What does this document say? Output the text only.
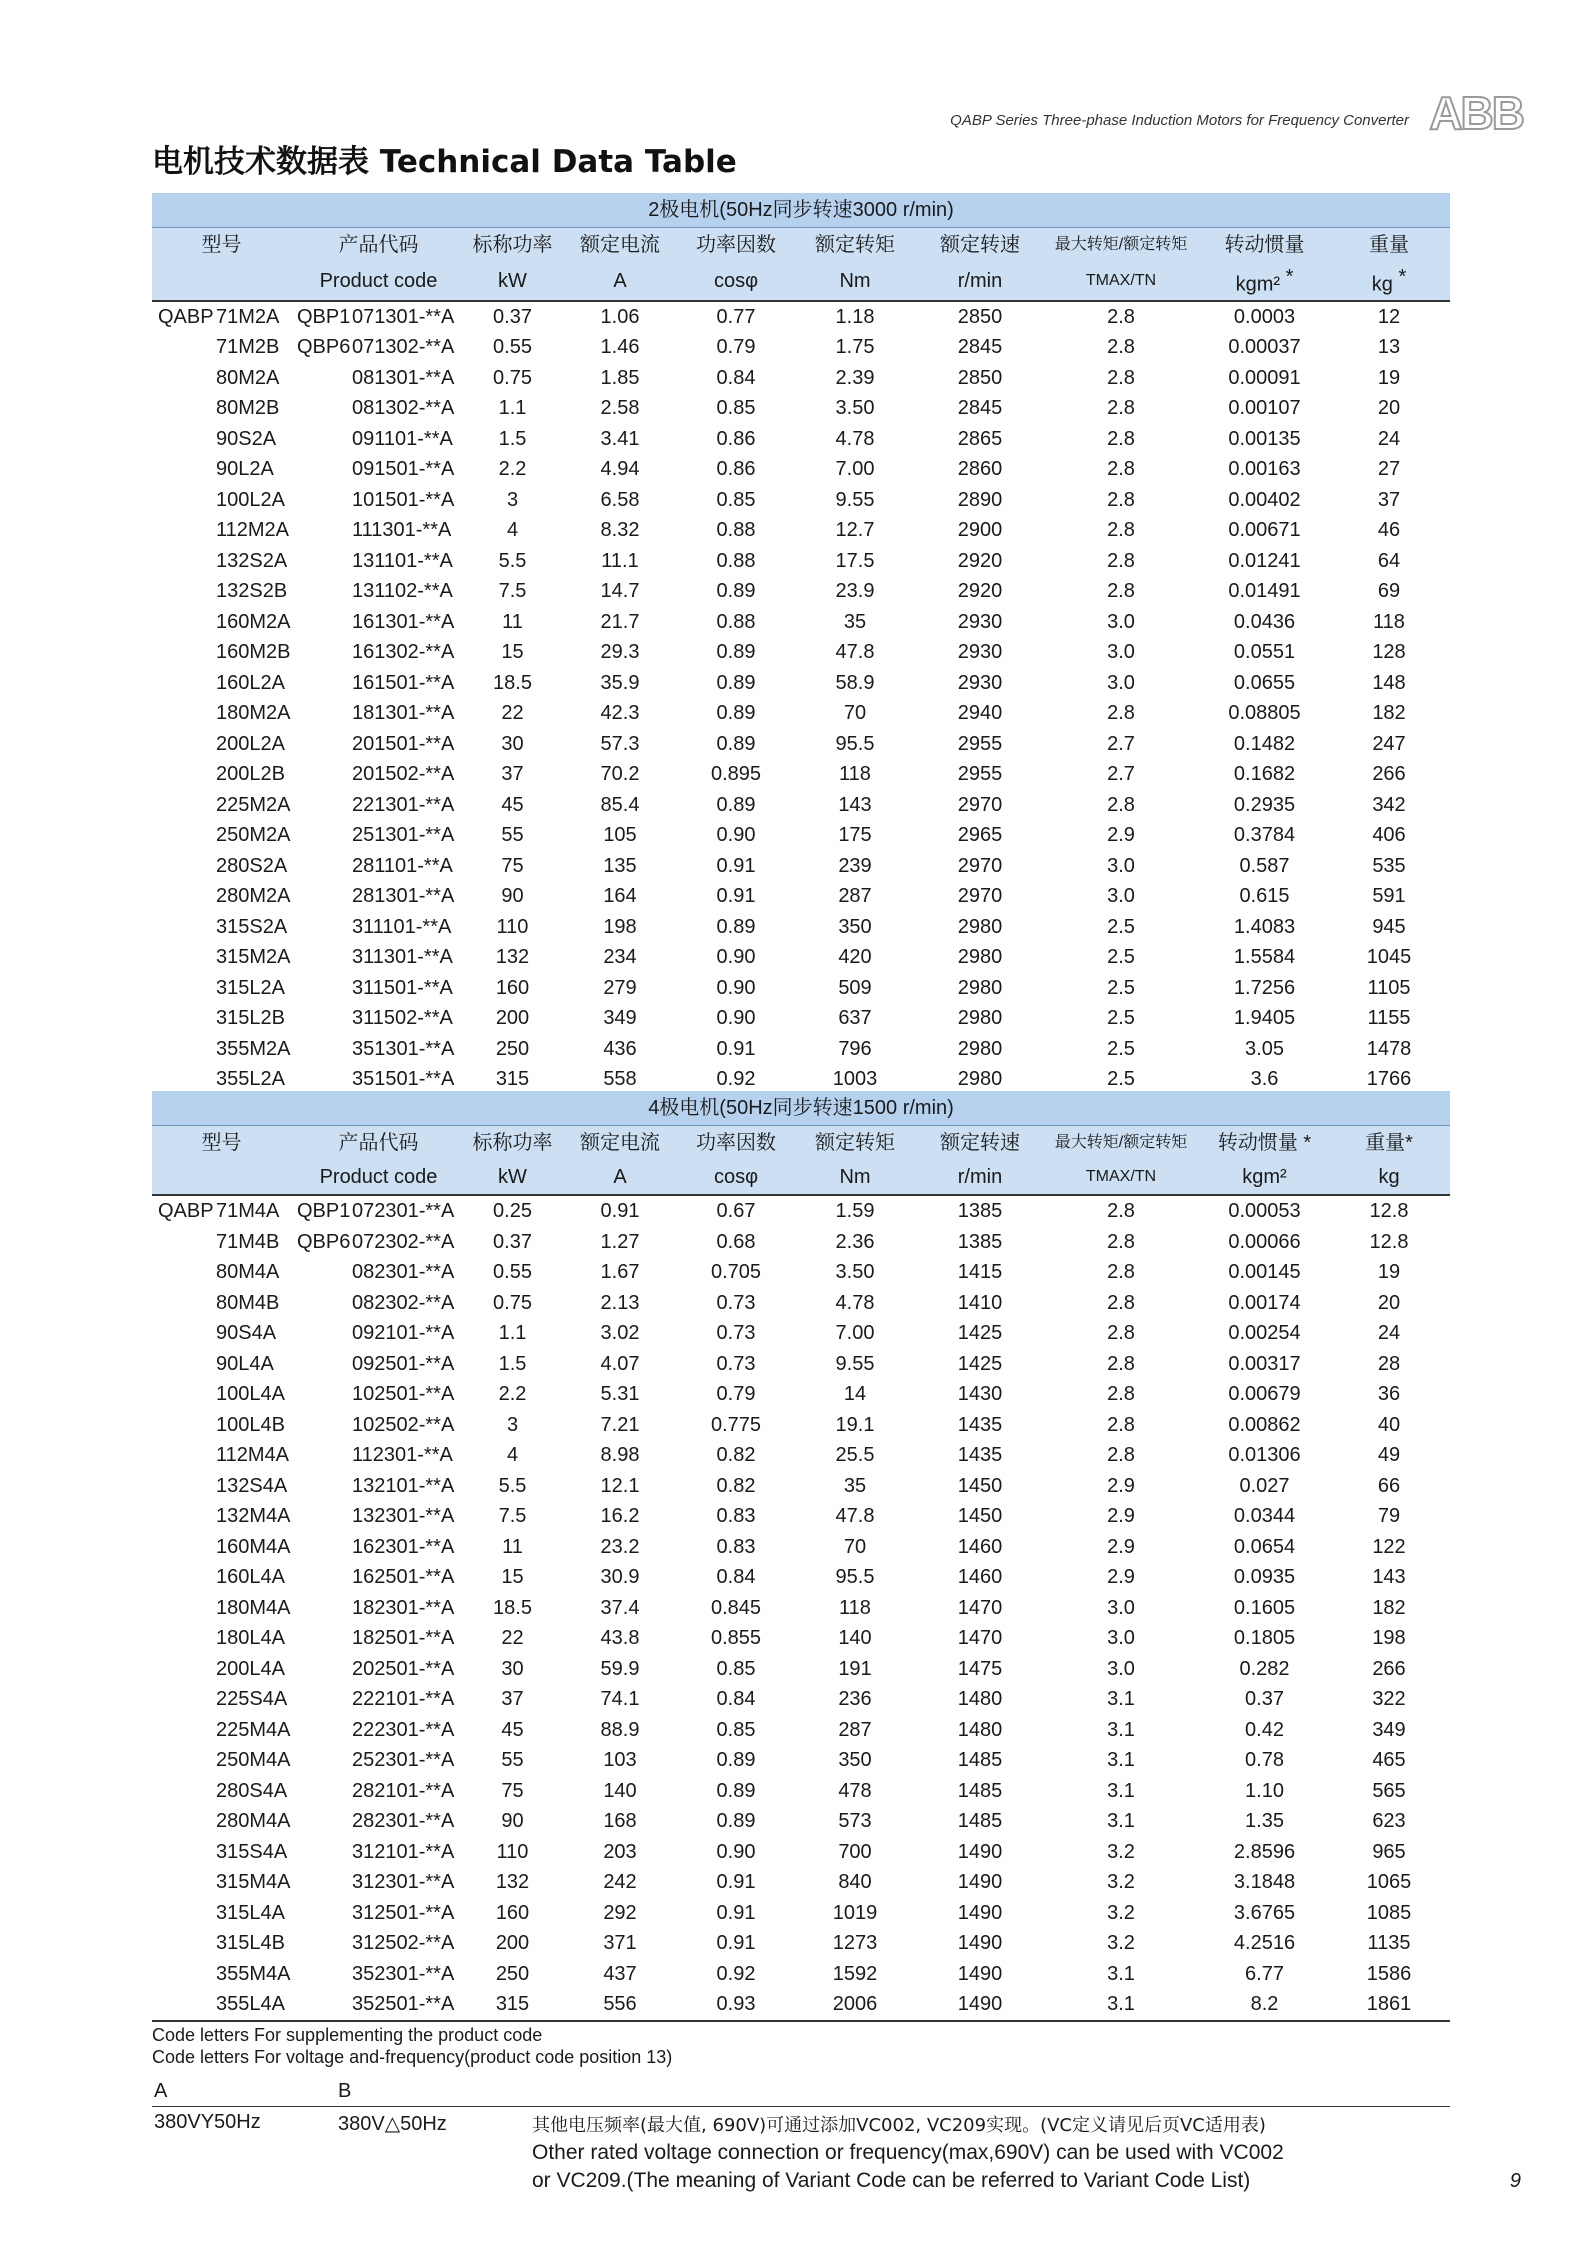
QABP Series Three-phase Induction Motors for Frequency Converter ABB
电机技术数据表 Technical Data Table
2极电机(50Hz同步转速3000 r/min)											
型号		产品代码		标称功率	额定电流	功率因数	额定转矩	额定转速	最大转矩/额定转矩	转动惯量	重量
		Product code		kW	A	cosφ	Nm	r/min	TMAX/TN	kgm² *	kg *
QABP	71M2A	QBP1	071301-**A	0.37	1.06	0.77	1.18	2850	2.8	0.0003	12
	71M2B	QBP6	071302-**A	0.55	1.46	0.79	1.75	2845	2.8	0.00037	13
	80M2A		081301-**A	0.75	1.85	0.84	2.39	2850	2.8	0.00091	19
	80M2B		081302-**A	1.1	2.58	0.85	3.50	2845	2.8	0.00107	20
	90S2A		091101-**A	1.5	3.41	0.86	4.78	2865	2.8	0.00135	24
	90L2A		091501-**A	2.2	4.94	0.86	7.00	2860	2.8	0.00163	27
	100L2A		101501-**A	3	6.58	0.85	9.55	2890	2.8	0.00402	37
	112M2A		111301-**A	4	8.32	0.88	12.7	2900	2.8	0.00671	46
	132S2A		131101-**A	5.5	11.1	0.88	17.5	2920	2.8	0.01241	64
	132S2B		131102-**A	7.5	14.7	0.89	23.9	2920	2.8	0.01491	69
	160M2A		161301-**A	11	21.7	0.88	35	2930	3.0	0.0436	118
	160M2B		161302-**A	15	29.3	0.89	47.8	2930	3.0	0.0551	128
	160L2A		161501-**A	18.5	35.9	0.89	58.9	2930	3.0	0.0655	148
	180M2A		181301-**A	22	42.3	0.89	70	2940	2.8	0.08805	182
	200L2A		201501-**A	30	57.3	0.89	95.5	2955	2.7	0.1482	247
	200L2B		201502-**A	37	70.2	0.895	118	2955	2.7	0.1682	266
	225M2A		221301-**A	45	85.4	0.89	143	2970	2.8	0.2935	342
	250M2A		251301-**A	55	105	0.90	175	2965	2.9	0.3784	406
	280S2A		281101-**A	75	135	0.91	239	2970	3.0	0.587	535
	280M2A		281301-**A	90	164	0.91	287	2970	3.0	0.615	591
	315S2A		311101-**A	110	198	0.89	350	2980	2.5	1.4083	945
	315M2A		311301-**A	132	234	0.90	420	2980	2.5	1.5584	1045
	315L2A		311501-**A	160	279	0.90	509	2980	2.5	1.7256	1105
	315L2B		311502-**A	200	349	0.90	637	2980	2.5	1.9405	1155
	355M2A		351301-**A	250	436	0.91	796	2980	2.5	3.05	1478
	355L2A		351501-**A	315	558	0.92	1003	2980	2.5	3.6	1766
4极电机(50Hz同步转速1500 r/min)											
型号		产品代码		标称功率	额定电流	功率因数	额定转矩	额定转速	最大转矩/额定转矩	转动惯量 *	重量*
		Product code		kW	A	cosφ	Nm	r/min	TMAX/TN	kgm²	kg
QABP	71M4A	QBP1	072301-**A	0.25	0.91	0.67	1.59	1385	2.8	0.00053	12.8
	71M4B	QBP6	072302-**A	0.37	1.27	0.68	2.36	1385	2.8	0.00066	12.8
	80M4A		082301-**A	0.55	1.67	0.705	3.50	1415	2.8	0.00145	19
	80M4B		082302-**A	0.75	2.13	0.73	4.78	1410	2.8	0.00174	20
	90S4A		092101-**A	1.1	3.02	0.73	7.00	1425	2.8	0.00254	24
	90L4A		092501-**A	1.5	4.07	0.73	9.55	1425	2.8	0.00317	28
	100L4A		102501-**A	2.2	5.31	0.79	14	1430	2.8	0.00679	36
	100L4B		102502-**A	3	7.21	0.775	19.1	1435	2.8	0.00862	40
	112M4A		112301-**A	4	8.98	0.82	25.5	1435	2.8	0.01306	49
	132S4A		132101-**A	5.5	12.1	0.82	35	1450	2.9	0.027	66
	132M4A		132301-**A	7.5	16.2	0.83	47.8	1450	2.9	0.0344	79
	160M4A		162301-**A	11	23.2	0.83	70	1460	2.9	0.0654	122
	160L4A		162501-**A	15	30.9	0.84	95.5	1460	2.9	0.0935	143
	180M4A		182301-**A	18.5	37.4	0.845	118	1470	3.0	0.1605	182
	180L4A		182501-**A	22	43.8	0.855	140	1470	3.0	0.1805	198
	200L4A		202501-**A	30	59.9	0.85	191	1475	3.0	0.282	266
	225S4A		222101-**A	37	74.1	0.84	236	1480	3.1	0.37	322
	225M4A		222301-**A	45	88.9	0.85	287	1480	3.1	0.42	349
	250M4A		252301-**A	55	103	0.89	350	1485	3.1	0.78	465
	280S4A		282101-**A	75	140	0.89	478	1485	3.1	1.10	565
	280M4A		282301-**A	90	168	0.89	573	1485	3.1	1.35	623
	315S4A		312101-**A	110	203	0.90	700	1490	3.2	2.8596	965
	315M4A		312301-**A	132	242	0.91	840	1490	3.2	3.1848	1065
	315L4A		312501-**A	160	292	0.91	1019	1490	3.2	3.6765	1085
	315L4B		312502-**A	200	371	0.91	1273	1490	3.2	4.2516	1135
	355M4A		352301-**A	250	437	0.92	1592	1490	3.1	6.77	1586
	355L4A		352501-**A	315	556	0.93	2006	1490	3.1	8.2	1861
Code letters For supplementing the product code
Code letters For voltage and-frequency(product code position 13)
A	B
380VY50Hz	380V△50Hz	其他电压频率(最大值, 690V)可通过添加VC002, VC209实现。(VC定义请见后页VC适用表)
Other rated voltage connection or frequency(max,690V) can be used with VC002
or VC209.(The meaning of Variant Code can be referred to Variant Code List)	9
